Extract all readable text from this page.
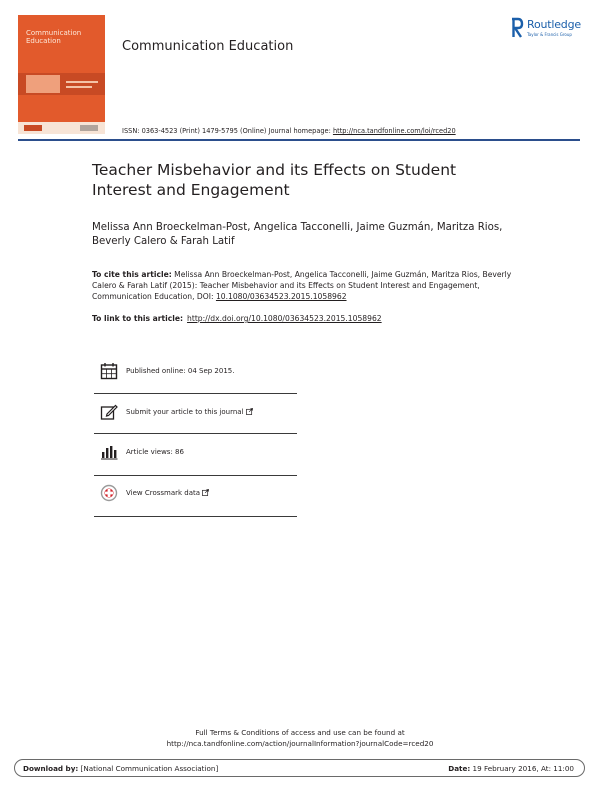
Communication
Education	Communication Education
Routledge
Taylor & Francis Group
ISSN: 0363-4523 (Print) 1479-5795 (Online) Journal homepage: http://nca.tandfonline.com/loi/rced20
Teacher Misbehavior and its Effects on Student Interest and Engagement
Melissa Ann Broeckelman-Post, Angelica Tacconelli, Jaime Guzmán, Maritza Rios, Beverly Calero & Farah Latif
To cite this article: Melissa Ann Broeckelman-Post, Angelica Tacconelli, Jaime Guzmán, Maritza Rios, Beverly Calero & Farah Latif (2015): Teacher Misbehavior and its Effects on Student Interest and Engagement, Communication Education, DOI: 10.1080/03634523.2015.1058962
To link to this article: http://dx.doi.org/10.1080/03634523.2015.1058962
Published online: 04 Sep 2015.
Submit your article to this journal
Article views: 86
View Crossmark data
Full Terms & Conditions of access and use can be found at
http://nca.tandfonline.com/action/journalInformation?journalCode=rced20
Download by: [National Communication Association]	Date: 19 February 2016, At: 11:00
